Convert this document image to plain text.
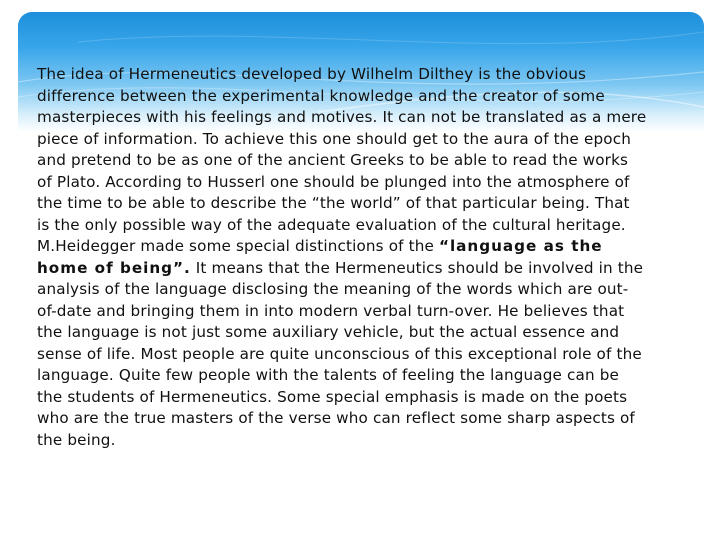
The idea of Hermeneutics developed by Wilhelm Dilthey is the obvious difference between the experimental knowledge and the creator of some masterpieces with his feelings and motives. It can not be translated as a mere piece of information. To achieve this one should get to the aura of the epoch and pretend to be as one of the ancient Greeks to be able to read the works of Plato. According to Husserl one should be plunged into the atmosphere of the time to be able to describe the “the world” of that particular being. That is the only possible way of the adequate evaluation of the cultural heritage.

M.Heidegger made some special distinctions of the “language as the home of being”. It means that the Hermeneutics should be involved in the analysis of the language disclosing the meaning of the words which are out-of-date and bringing them in into modern verbal turn-over. He believes that the language is not just some auxiliary vehicle, but the actual essence and sense of life. Most people are quite unconscious of this exceptional role of the language. Quite few people with the talents of feeling the language can be the students of Hermeneutics. Some special emphasis is made on the poets who are the true masters of the verse who can reflect some sharp aspects of the being.
